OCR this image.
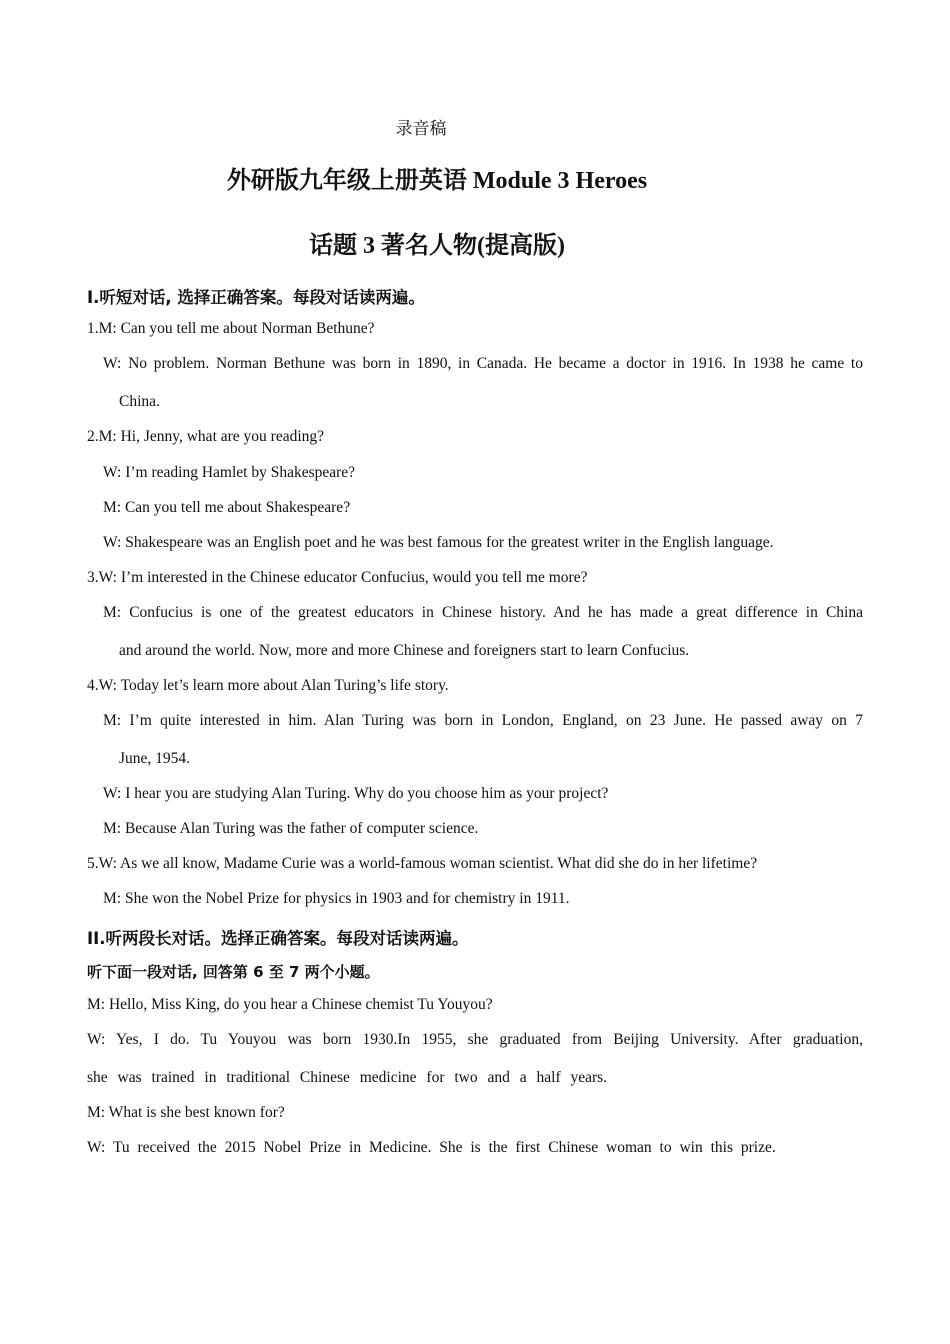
录音稿
外研版九年级上册英语 Module 3 Heroes
话题 3 著名人物(提高版)
I.听短对话, 选择正确答案。每段对话读两遍。
1.M: Can you tell me about Norman Bethune?
W: No problem. Norman Bethune was born in 1890, in Canada. He became a doctor in 1916. In 1938 he came to
China.
2.M: Hi, Jenny, what are you reading?
W: I’m reading Hamlet by Shakespeare?
M: Can you tell me about Shakespeare?
W: Shakespeare was an English poet and he was best famous for the greatest writer in the English language.
3.W: I’m interested in the Chinese educator Confucius, would you tell me more?
M: Confucius is one of the greatest educators in Chinese history. And he has made a great difference in China
and around the world. Now, more and more Chinese and foreigners start to learn Confucius.
4.W: Today let’s learn more about Alan Turing’s life story.
M: I’m quite interested in him. Alan Turing was born in London, England, on 23 June. He passed away on 7
June, 1954.
W: I hear you are studying Alan Turing. Why do you choose him as your project?
M: Because Alan Turing was the father of computer science.
5.W: As we all know, Madame Curie was a world-famous woman scientist. What did she do in her lifetime?
M: She won the Nobel Prize for physics in 1903 and for chemistry in 1911.
II.听两段长对话。选择正确答案。每段对话读两遍。
听下面一段对话, 回答第 6 至 7 两个小题。
M: Hello, Miss King, do you hear a Chinese chemist Tu Youyou?
W: Yes, I do. Tu Youyou was born 1930.In 1955, she graduated from Beijing University. After graduation,
she was trained in traditional Chinese medicine for two and a half years.
M: What is she best known for?
W: Tu received the 2015 Nobel Prize in Medicine. She is the first Chinese woman to win this prize.
